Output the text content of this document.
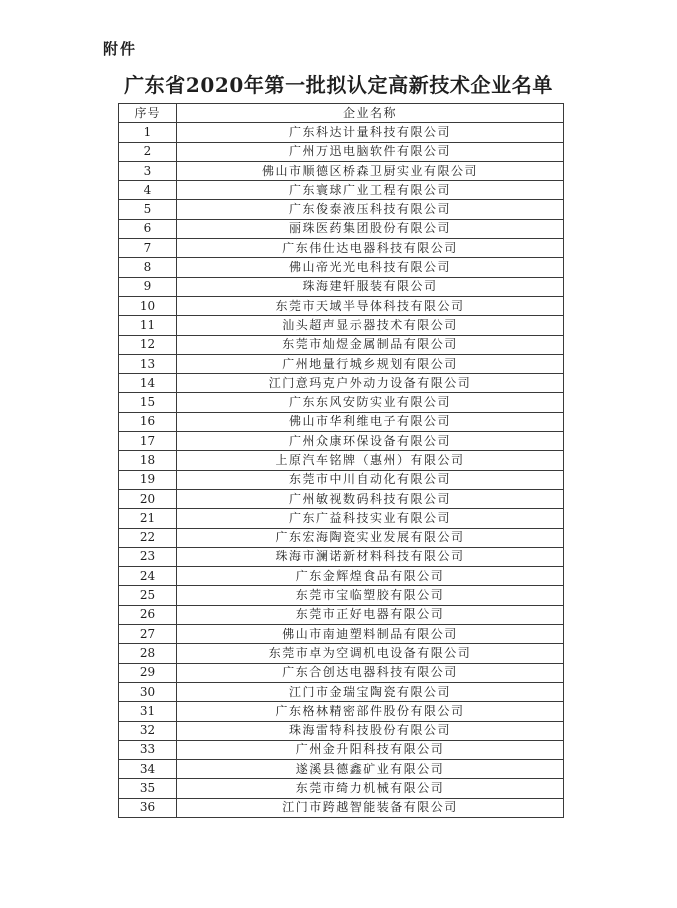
附件
广东省2020年第一批拟认定高新技术企业名单
序号	企业名称
1	广东科达计量科技有限公司
2	广州万迅电脑软件有限公司
3	佛山市顺德区桥森卫厨实业有限公司
4	广东寰球广业工程有限公司
5	广东俊泰液压科技有限公司
6	丽珠医药集团股份有限公司
7	广东伟仕达电器科技有限公司
8	佛山帝光光电科技有限公司
9	珠海建轩服装有限公司
10	东莞市天域半导体科技有限公司
11	汕头超声显示器技术有限公司
12	东莞市灿煜金属制品有限公司
13	广州地量行城乡规划有限公司
14	江门意玛克户外动力设备有限公司
15	广东东风安防实业有限公司
16	佛山市华利维电子有限公司
17	广州众康环保设备有限公司
18	上原汽车铭牌（惠州）有限公司
19	东莞市中川自动化有限公司
20	广州敏视数码科技有限公司
21	广东广益科技实业有限公司
22	广东宏海陶瓷实业发展有限公司
23	珠海市澜诺新材料科技有限公司
24	广东金辉煌食品有限公司
25	东莞市宝临塑胶有限公司
26	东莞市正好电器有限公司
27	佛山市南迪塑料制品有限公司
28	东莞市卓为空调机电设备有限公司
29	广东合创达电器科技有限公司
30	江门市金瑞宝陶瓷有限公司
31	广东格林精密部件股份有限公司
32	珠海雷特科技股份有限公司
33	广州金升阳科技有限公司
34	遂溪县德鑫矿业有限公司
35	东莞市绮力机械有限公司
36	江门市跨越智能装备有限公司
